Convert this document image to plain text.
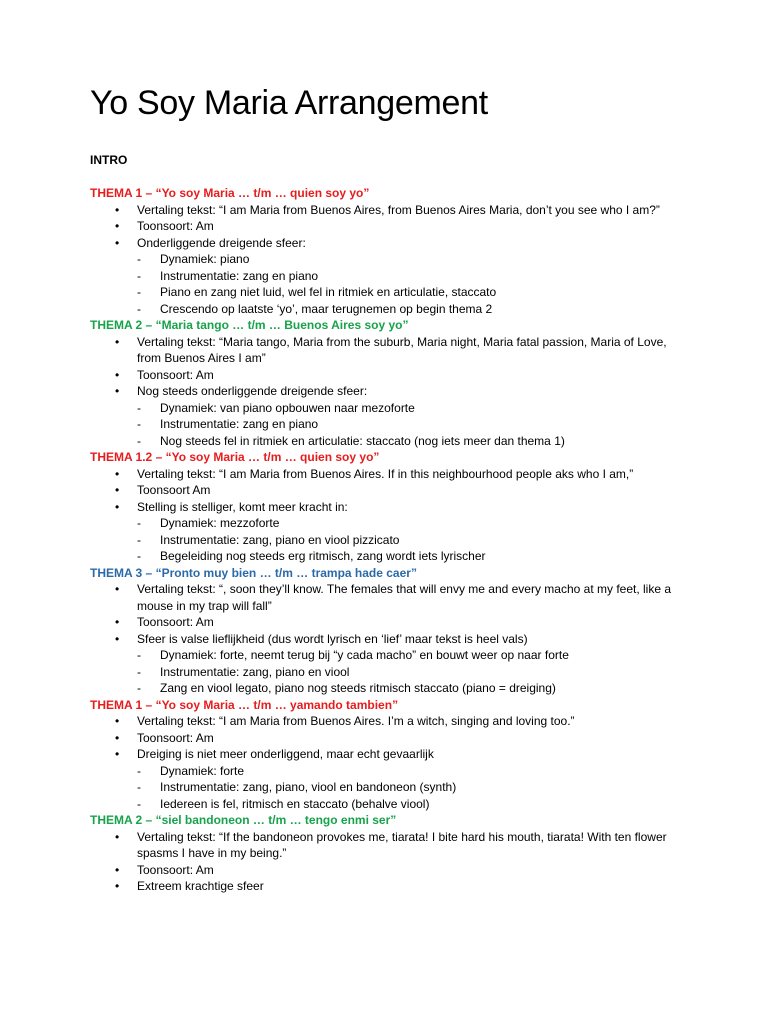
Yo Soy Maria Arrangement

INTRO

THEMA 1 – “Yo soy Maria … t/m … quien soy yo”

• Vertaling tekst: “I am Maria from Buenos Aires, from Buenos Aires Maria, don’t you see who I am?”
• Toonsoort: Am
• Onderliggende dreigende sfeer:
- Dynamiek: piano
- Instrumentatie: zang en piano
- Piano en zang niet luid, wel fel in ritmiek en articulatie, staccato
- Crescendo op laatste ‘yo’, maar terugnemen op begin thema 2

THEMA 2 – “Maria tango … t/m … Buenos Aires soy yo”

• Vertaling tekst: “Maria tango, Maria from the suburb, Maria night, Maria fatal passion, Maria of Love, from Buenos Aires I am”
• Toonsoort: Am
• Nog steeds onderliggende dreigende sfeer:
- Dynamiek: van piano opbouwen naar mezoforte
- Instrumentatie: zang en piano
- Nog steeds fel in ritmiek en articulatie: staccato (nog iets meer dan thema 1)

THEMA 1.2 – “Yo soy Maria … t/m … quien soy yo”

• Vertaling tekst: “I am Maria from Buenos Aires. If in this neighbourhood people aks who I am,”
• Toonsoort Am
• Stelling is stelliger, komt meer kracht in:
- Dynamiek: mezzoforte
- Instrumentatie: zang, piano en viool pizzicato
- Begeleiding nog steeds erg ritmisch, zang wordt iets lyrischer

THEMA 3 – “Pronto muy bien … t/m … trampa hade caer”

• Vertaling tekst: “, soon they’ll know. The females that will envy me and every macho at my feet, like a mouse in my trap will fall”
• Toonsoort: Am
• Sfeer is valse lieflijkheid (dus wordt lyrisch en ‘lief’ maar tekst is heel vals)
- Dynamiek: forte, neemt terug bij “y cada macho” en bouwt weer op naar forte
- Instrumentatie: zang, piano en viool
- Zang en viool legato, piano nog steeds ritmisch staccato (piano = dreiging)

THEMA 1 – “Yo soy Maria … t/m … yamando tambien”

• Vertaling tekst: “I am Maria from Buenos Aires. I’m a witch, singing and loving too.”
• Toonsoort: Am
• Dreiging is niet meer onderliggend, maar echt gevaarlijk
- Dynamiek: forte
- Instrumentatie: zang, piano, viool en bandoneon (synth)
- Iedereen is fel, ritmisch en staccato (behalve viool)

THEMA 2 – “siel bandoneon … t/m … tengo enmi ser”

• Vertaling tekst: “If the bandoneon provokes me, tiarata! I bite hard his mouth, tiarata! With ten flower spasms I have in my being.”
• Toonsoort: Am
• Extreem krachtige sfeer
